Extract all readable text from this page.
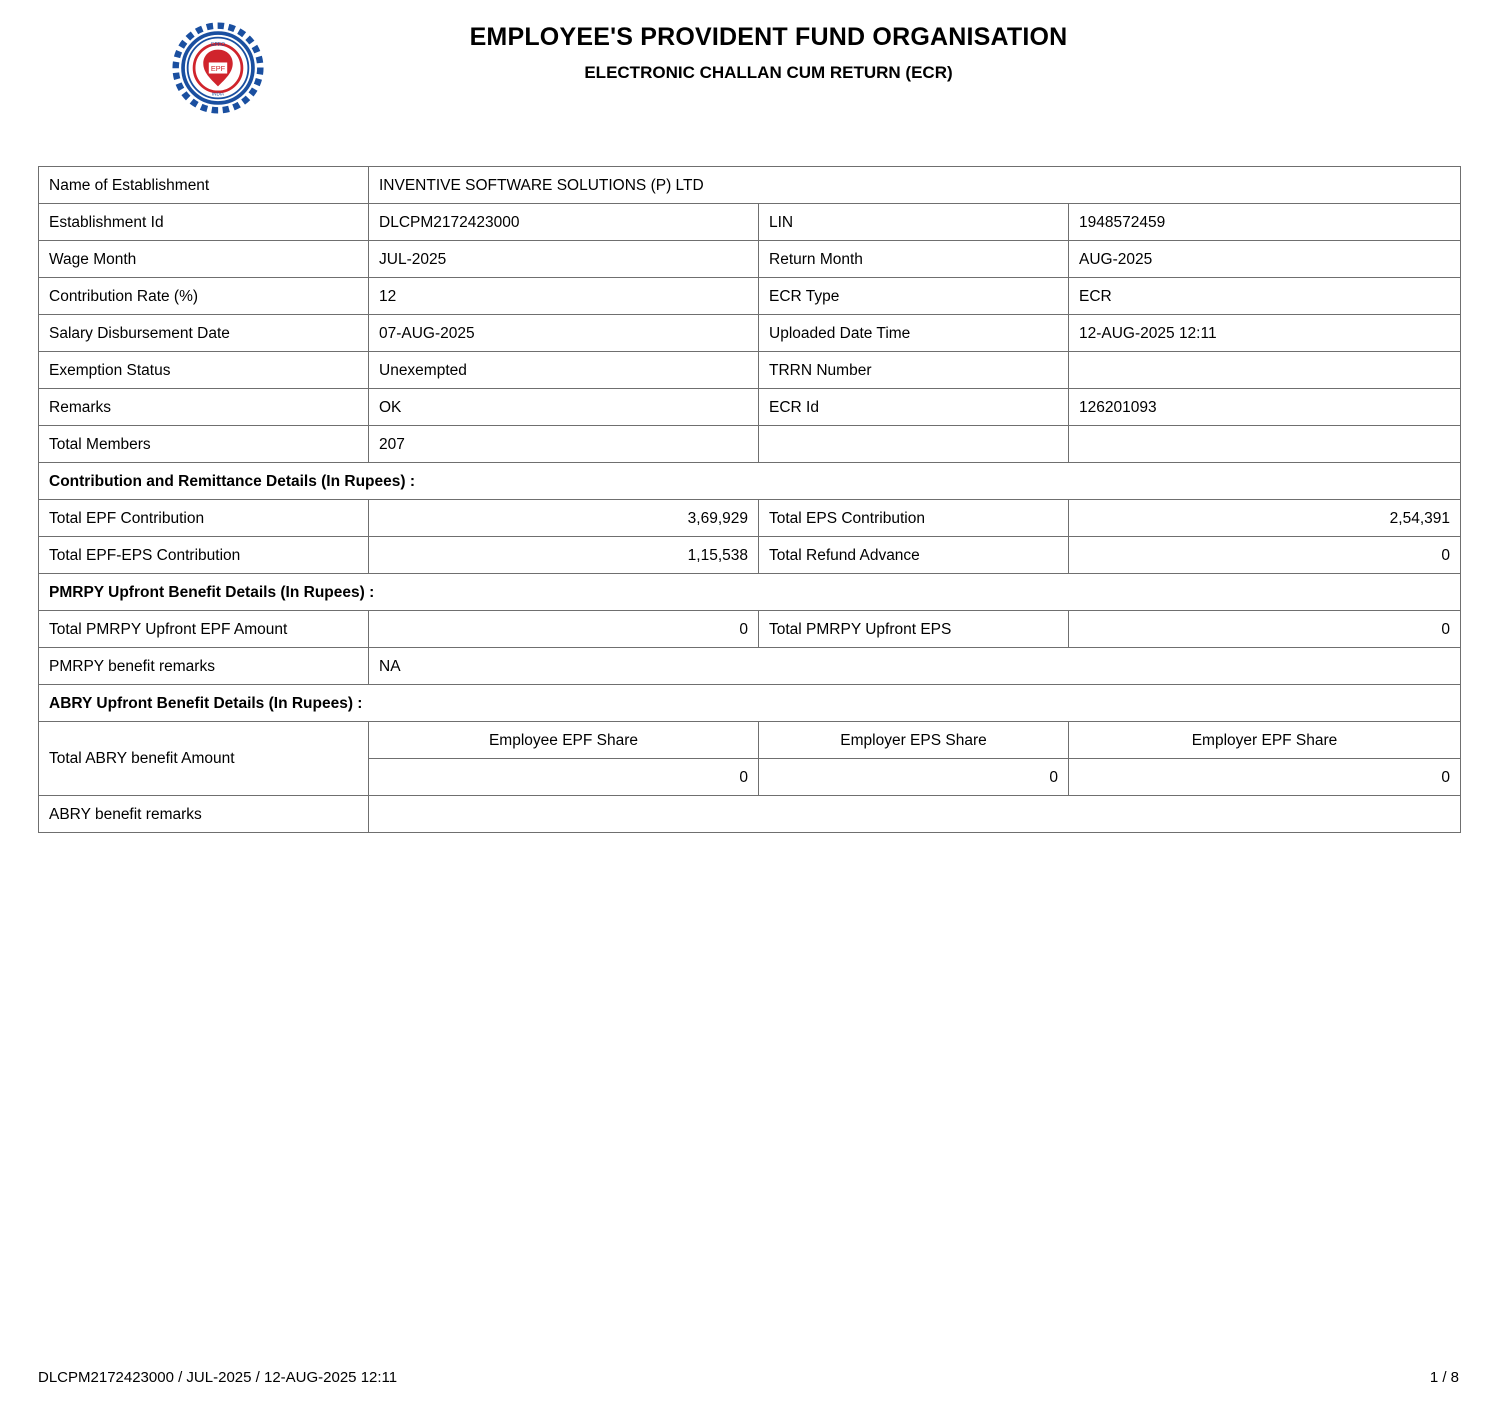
EPF
EPFO
INDIA
EMPLOYEE'S PROVIDENT FUND ORGANISATION
ELECTRONIC CHALLAN CUM RETURN (ECR)
Name of Establishment	INVENTIVE SOFTWARE SOLUTIONS (P) LTD		
Establishment Id	DLCPM2172423000	LIN	1948572459
Wage Month	JUL-2025	Return Month	AUG-2025
Contribution Rate (%)	12	ECR Type	ECR
Salary Disbursement Date	07-AUG-2025	Uploaded Date Time	12-AUG-2025 12:11
Exemption Status	Unexempted	TRRN Number	
Remarks	OK	ECR Id	126201093
Total Members	207		
Contribution and Remittance Details (In Rupees) :			
Total EPF Contribution	3,69,929	Total EPS Contribution	2,54,391
Total EPF-EPS Contribution	1,15,538	Total Refund Advance	0
PMRPY Upfront Benefit Details (In Rupees) :			
Total PMRPY Upfront EPF Amount	0	Total PMRPY Upfront EPS	0
PMRPY benefit remarks	NA		
ABRY Upfront Benefit Details (In Rupees) :			
Total ABRY benefit Amount	Employee EPF Share	Employer EPS Share	Employer EPF Share
	0	0	0
ABRY benefit remarks			
DLCPM2172423000 / JUL-2025 / 12-AUG-2025 12:11	1 / 8
